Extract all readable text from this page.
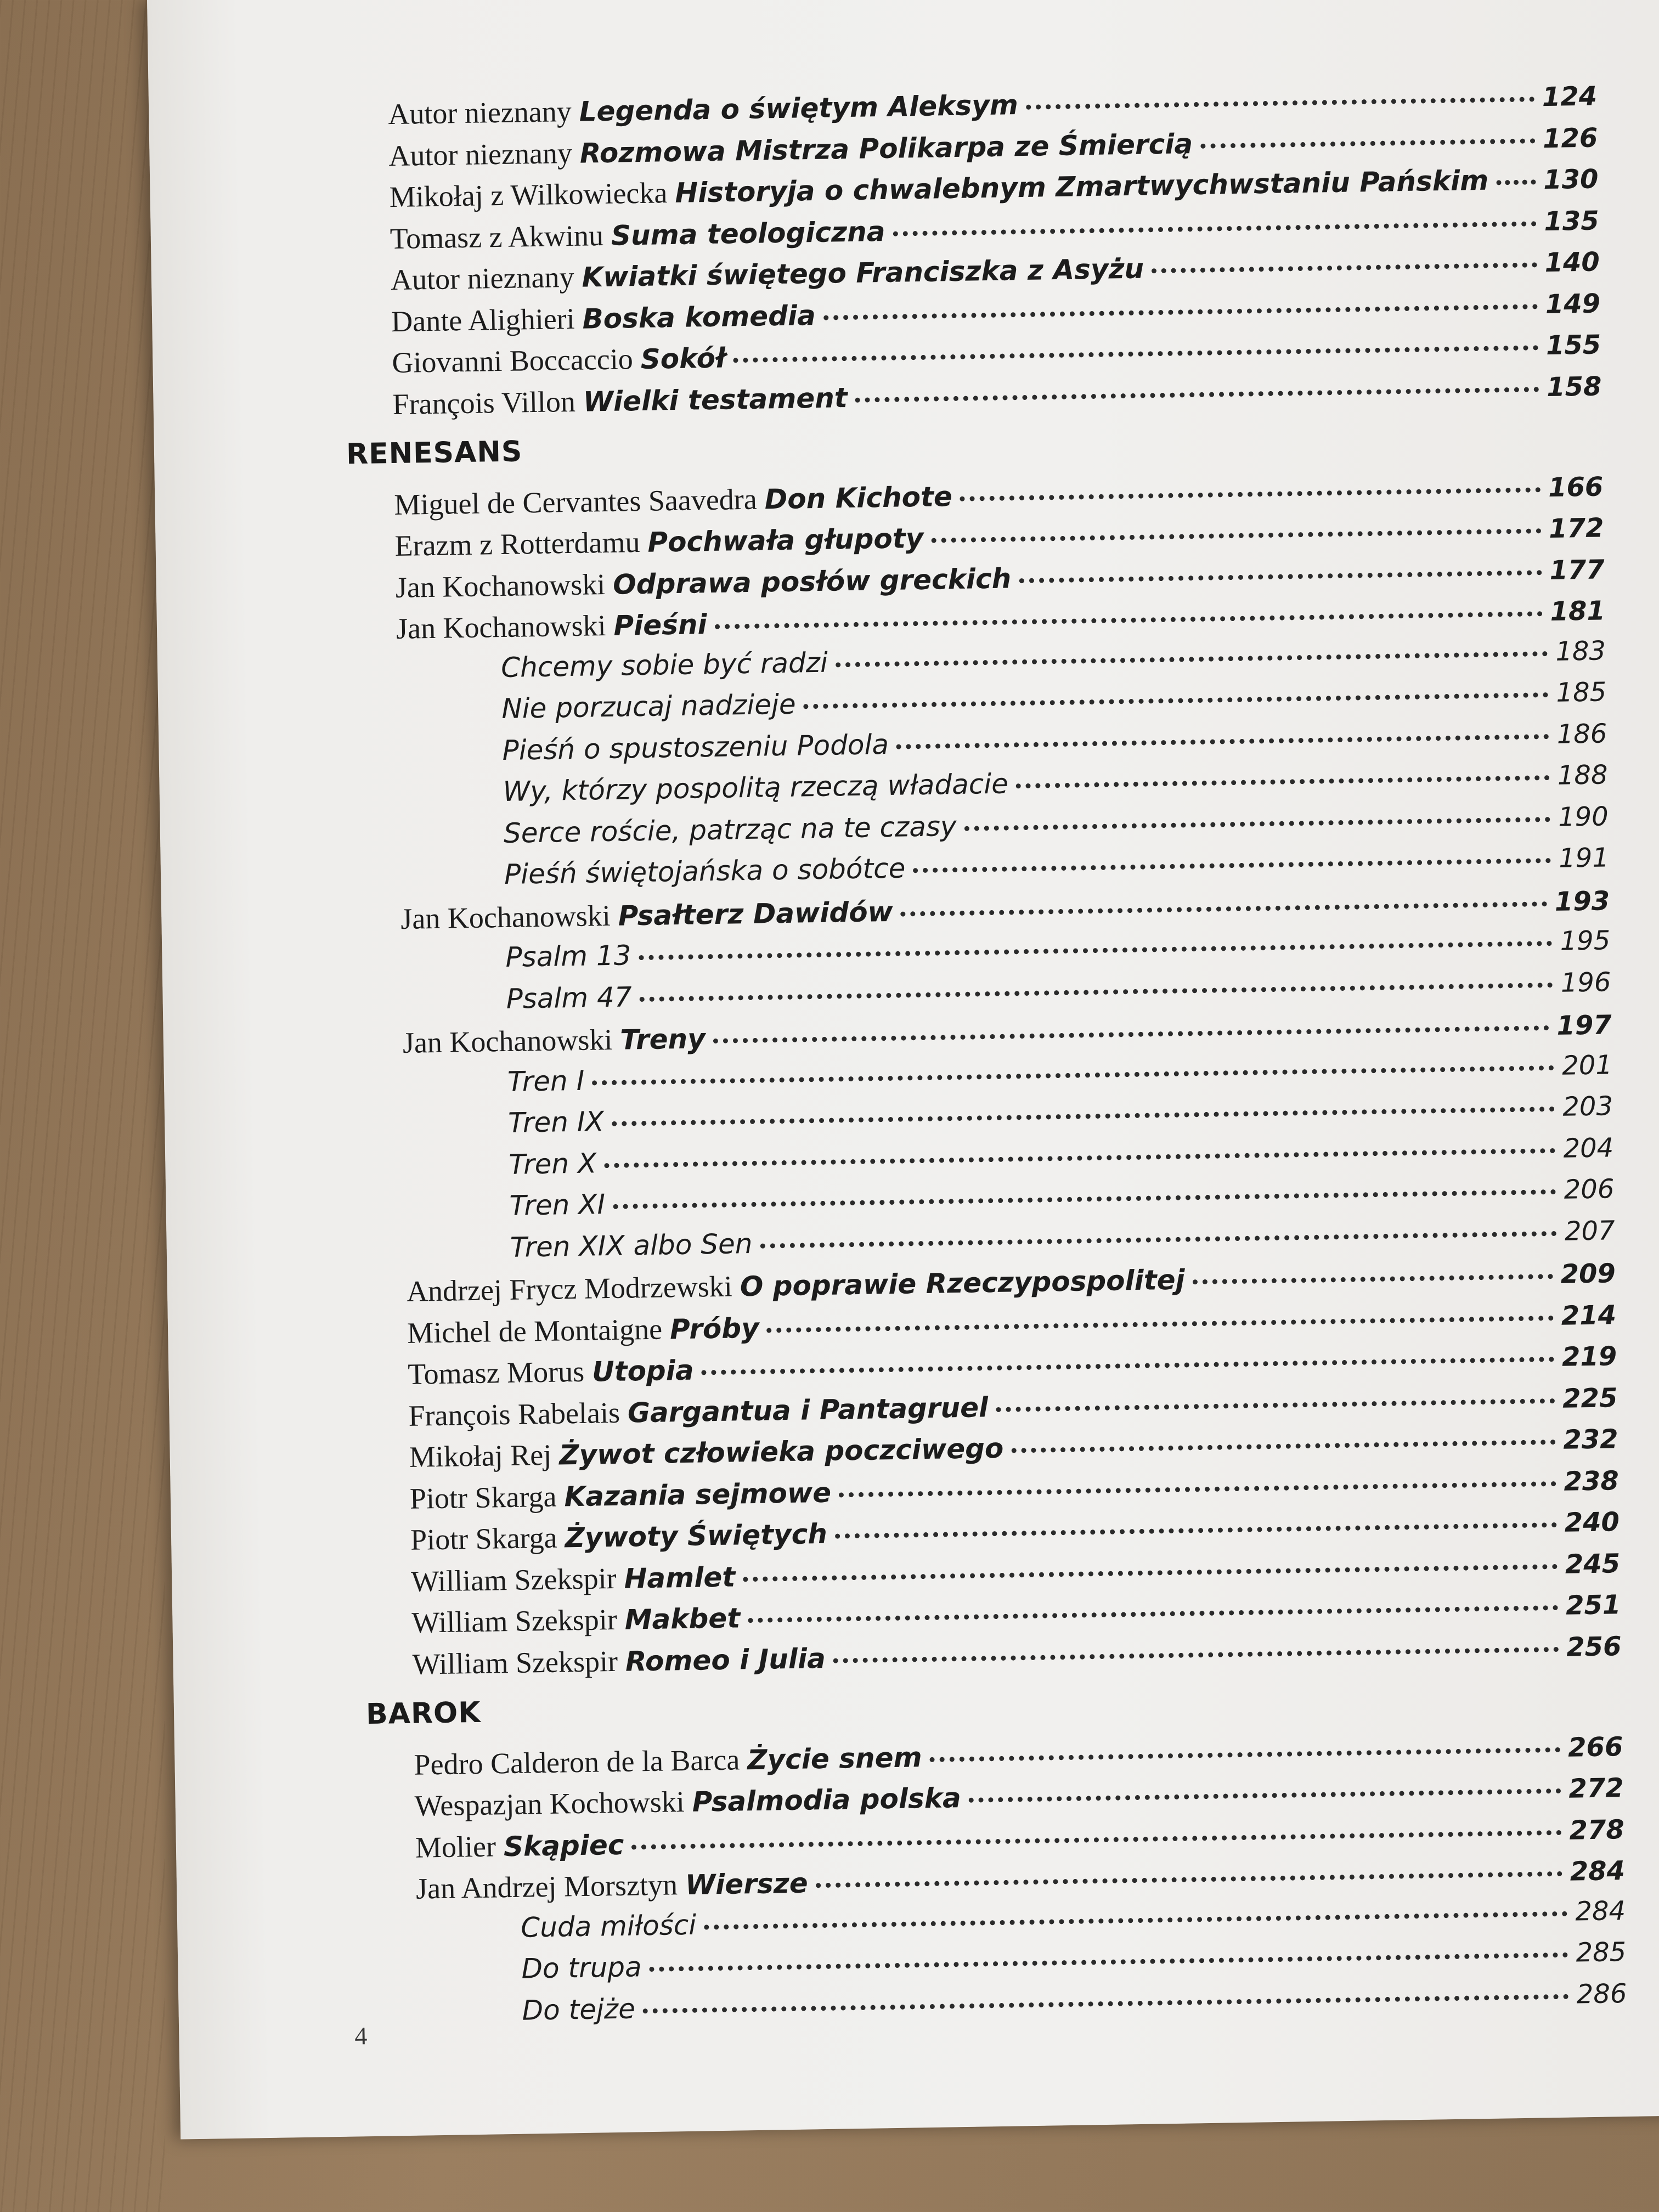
Autor nieznany Legenda o świętym Aleksym	124
Autor nieznany Rozmowa Mistrza Polikarpa ze Śmiercią	126
Mikołaj z Wilkowiecka Historyja o chwalebnym Zmartwychwstaniu Pańskim 130
Tomasz z Akwinu Suma teologiczna	135
Autor nieznany Kwiatki świętego Franciszka z Asyżu	140
Dante Alighieri Boska komedia	149
Giovanni Boccaccio Sokół	155
François Villon Wielki testament	158
RENESANS
Miguel de Cervantes Saavedra Don Kichote	166
Erazm z Rotterdamu Pochwała głupoty	172
Jan Kochanowski Odprawa posłów greckich	177
Jan Kochanowski Pieśni	181
Chcemy sobie być radzi	183
Nie porzucaj nadzieje	185
Pieśń o spustoszeniu Podola	186
Wy, którzy pospolitą rzeczą władacie	188
Serce roście, patrząc na te czasy	190
Pieśń świętojańska o sobótce	191
Jan Kochanowski Psałterz Dawidów	193
Psalm 13	195
Psalm 47	196
Jan Kochanowski Treny	197
Tren I	201
Tren IX	203
Tren X	204
Tren XI	206
Tren XIX albo Sen	207
Andrzej Frycz Modrzewski O poprawie Rzeczypospolitej	209
Michel de Montaigne Próby	214
Tomasz Morus Utopia	219
François Rabelais Gargantua i Pantagruel	225
Mikołaj Rej Żywot człowieka poczciwego	232
Piotr Skarga Kazania sejmowe	238
Piotr Skarga Żywoty Świętych	240
William Szekspir Hamlet	245
William Szekspir Makbet	251
William Szekspir Romeo i Julia	256
BAROK
Pedro Calderon de la Barca Życie snem	266
Wespazjan Kochowski Psalmodia polska	272
Molier Skąpiec	278
Jan Andrzej Morsztyn Wiersze	284
Cuda miłości	284
Do trupa	285
Do tejże	286
4
